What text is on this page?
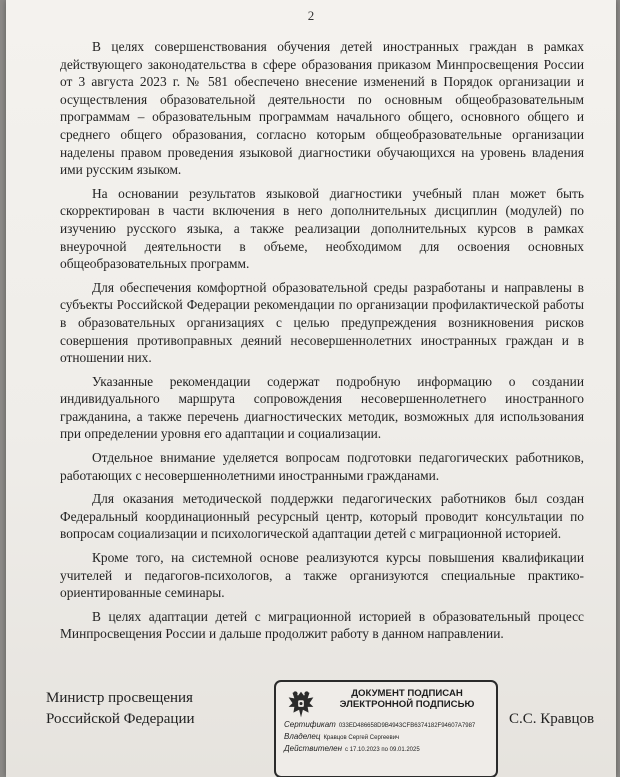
2

В целях совершенствования обучения детей иностранных граждан в рамках действующего законодательства в сфере образования приказом Минпросвещения России от 3 августа 2023 г. № 581 обеспечено внесение изменений в Порядок организации и осуществления образовательной деятельности по основным общеобразовательным программам – образовательным программам начального общего, основного общего и среднего общего образования, согласно которым общеобразовательные организации наделены правом проведения языковой диагностики обучающихся на уровень владения ими русским языком.

На основании результатов языковой диагностики учебный план может быть скорректирован в части включения в него дополнительных дисциплин (модулей) по изучению русского языка, а также реализации дополнительных курсов в рамках внеурочной деятельности в объеме, необходимом для освоения основных общеобразовательных программ.

Для обеспечения комфортной образовательной среды разработаны и направлены в субъекты Российской Федерации рекомендации по организации профилактической работы в образовательных организациях с целью предупреждения возникновения рисков совершения противоправных деяний несовершеннолетних иностранных граждан и в отношении них.

Указанные рекомендации содержат подробную информацию о создании индивидуального маршрута сопровождения несовершеннолетнего иностранного гражданина, а также перечень диагностических методик, возможных для использования при определении уровня его адаптации и социализации.

Отдельное внимание уделяется вопросам подготовки педагогических работников, работающих с несовершеннолетними иностранными гражданами.

Для оказания методической поддержки педагогических работников был создан Федеральный координационный ресурсный центр, который проводит консультации по вопросам социализации и психологической адаптации детей с миграционной историей.

Кроме того, на системной основе реализуются курсы повышения квалификации учителей и педагогов-психологов, а также организуются специальные практико-ориентированные семинары.

В целях адаптации детей с миграционной историей в образовательный процесс Минпросвещения России и дальше продолжит работу в данном направлении.

Министр просвещения
Российской Федерации
ДОКУМЕНТ ПОДПИСАН
ЭЛЕКТРОННОЙ ПОДПИСЬЮ
Сертификат 033ED486658D9B4943CFB6374182F94607A7987
Владелец Кравцов Сергей Сергеевич
Действителен с 17.10.2023 по 09.01.2025
С.С. Кравцов
